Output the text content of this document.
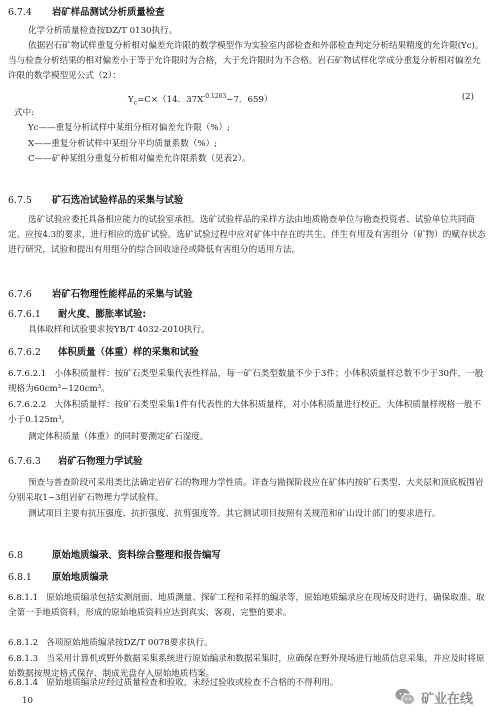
6.7.4 岩矿样品测试分析质量检查

化学分析质量检查按DZ/T 0130执行。

依据岩石矿物试样重复分析相对偏差允许限的数学模型作为实验室内部检查和外部检查判定分析结果精度的允许限(Yc)。当与检查分析结果的相对偏差小于等于允许限时为合格，大于允许限时为不合格。岩石矿物试样化学成分重复分析相对偏差允许限的数学模型见公式（2）：

$Y_c=C\times(14$．$37X^{-0.1263}-7$．659）	(2)
式中:
Yc——重复分析试样中某组分相对偏差允许限（%）;
X——重复分析试样中某组分平均质量系数（%）;
C——矿种某组分重复分析相对偏差允许限系数（见表2）。
6.7.5 矿石选冶试验样品的采集与试验

选矿试验应委托具备相应能力的试验室承担。选矿试验样品的采样方法由地质勘查单位与勘查投资者、试验单位共同商定。应按4.3的要求，进行相应的选矿试验。选矿试验过程中应对矿体中存在的共生、伴生有用及有害组分（矿物）的赋存状态进行研究，试验和提出有用组分的综合回收途径或降低有害组分的适用方法。

6.7.6 岩矿石物理性能样品的采集与试验
6.7.6.1 耐火度、膨胀率试验:

具体取样和试验要求按YB/T 4032-2010执行。

6.7.6.2 体积质量（体重）样的采集和试验

6.7.6.2.1 小体积质量样：按矿石类型采集代表性样品，每一矿石类型数量不少于3件；小体积质量样总数不少于30件，一般规格为60cm³~120cm³。

6.7.6.2.2 大体积质量样：按矿石类型采集1件有代表性的大体积质量样，对小体积质量进行校正。大体积质量样规格一般不小于0.125m³。

测定体积质量（体重）的同时要测定矿石湿度。

6.7.6.3 岩矿石物理力学试验

预查与普查阶段可采用类比法确定岩矿石的物理力学性质。详查与勘探阶段应在矿体内按矿石类型、大夹层和顶底板围岩分别采取1~3组岩矿石物理力学试验样。

测试项目主要有抗压强度、抗折强度、抗剪强度等。其它测试项目按照有关规范和矿山设计部门的要求进行。

6.8	原始地质编录、资料综合整理和报告编写
6.8.1 原始地质编录

6.8.1.1 原始地质编录包括实测剖面、地质测量、探矿工程和采样的编录等，原始地质编录应在现场及时进行，确保取准、取全第一手地质资料，形成的原始地质资料应达到真实、客观、完整的要求。

6.8.1.2 各项原始地质编录按DZ/T 0078要求执行。

6.8.1.3 当采用计算机或野外数据采集系统进行原始编录和数据采集时，应确保在野外现场进行地质信息采集，并应及时将原始数据按规定格式保存、制成光盘存入原始地质档案。

6.8.1.4 原始地质编录应经过质量检查和验收，未经过验收或检查不合格的不得利用。

10	矿业在线
